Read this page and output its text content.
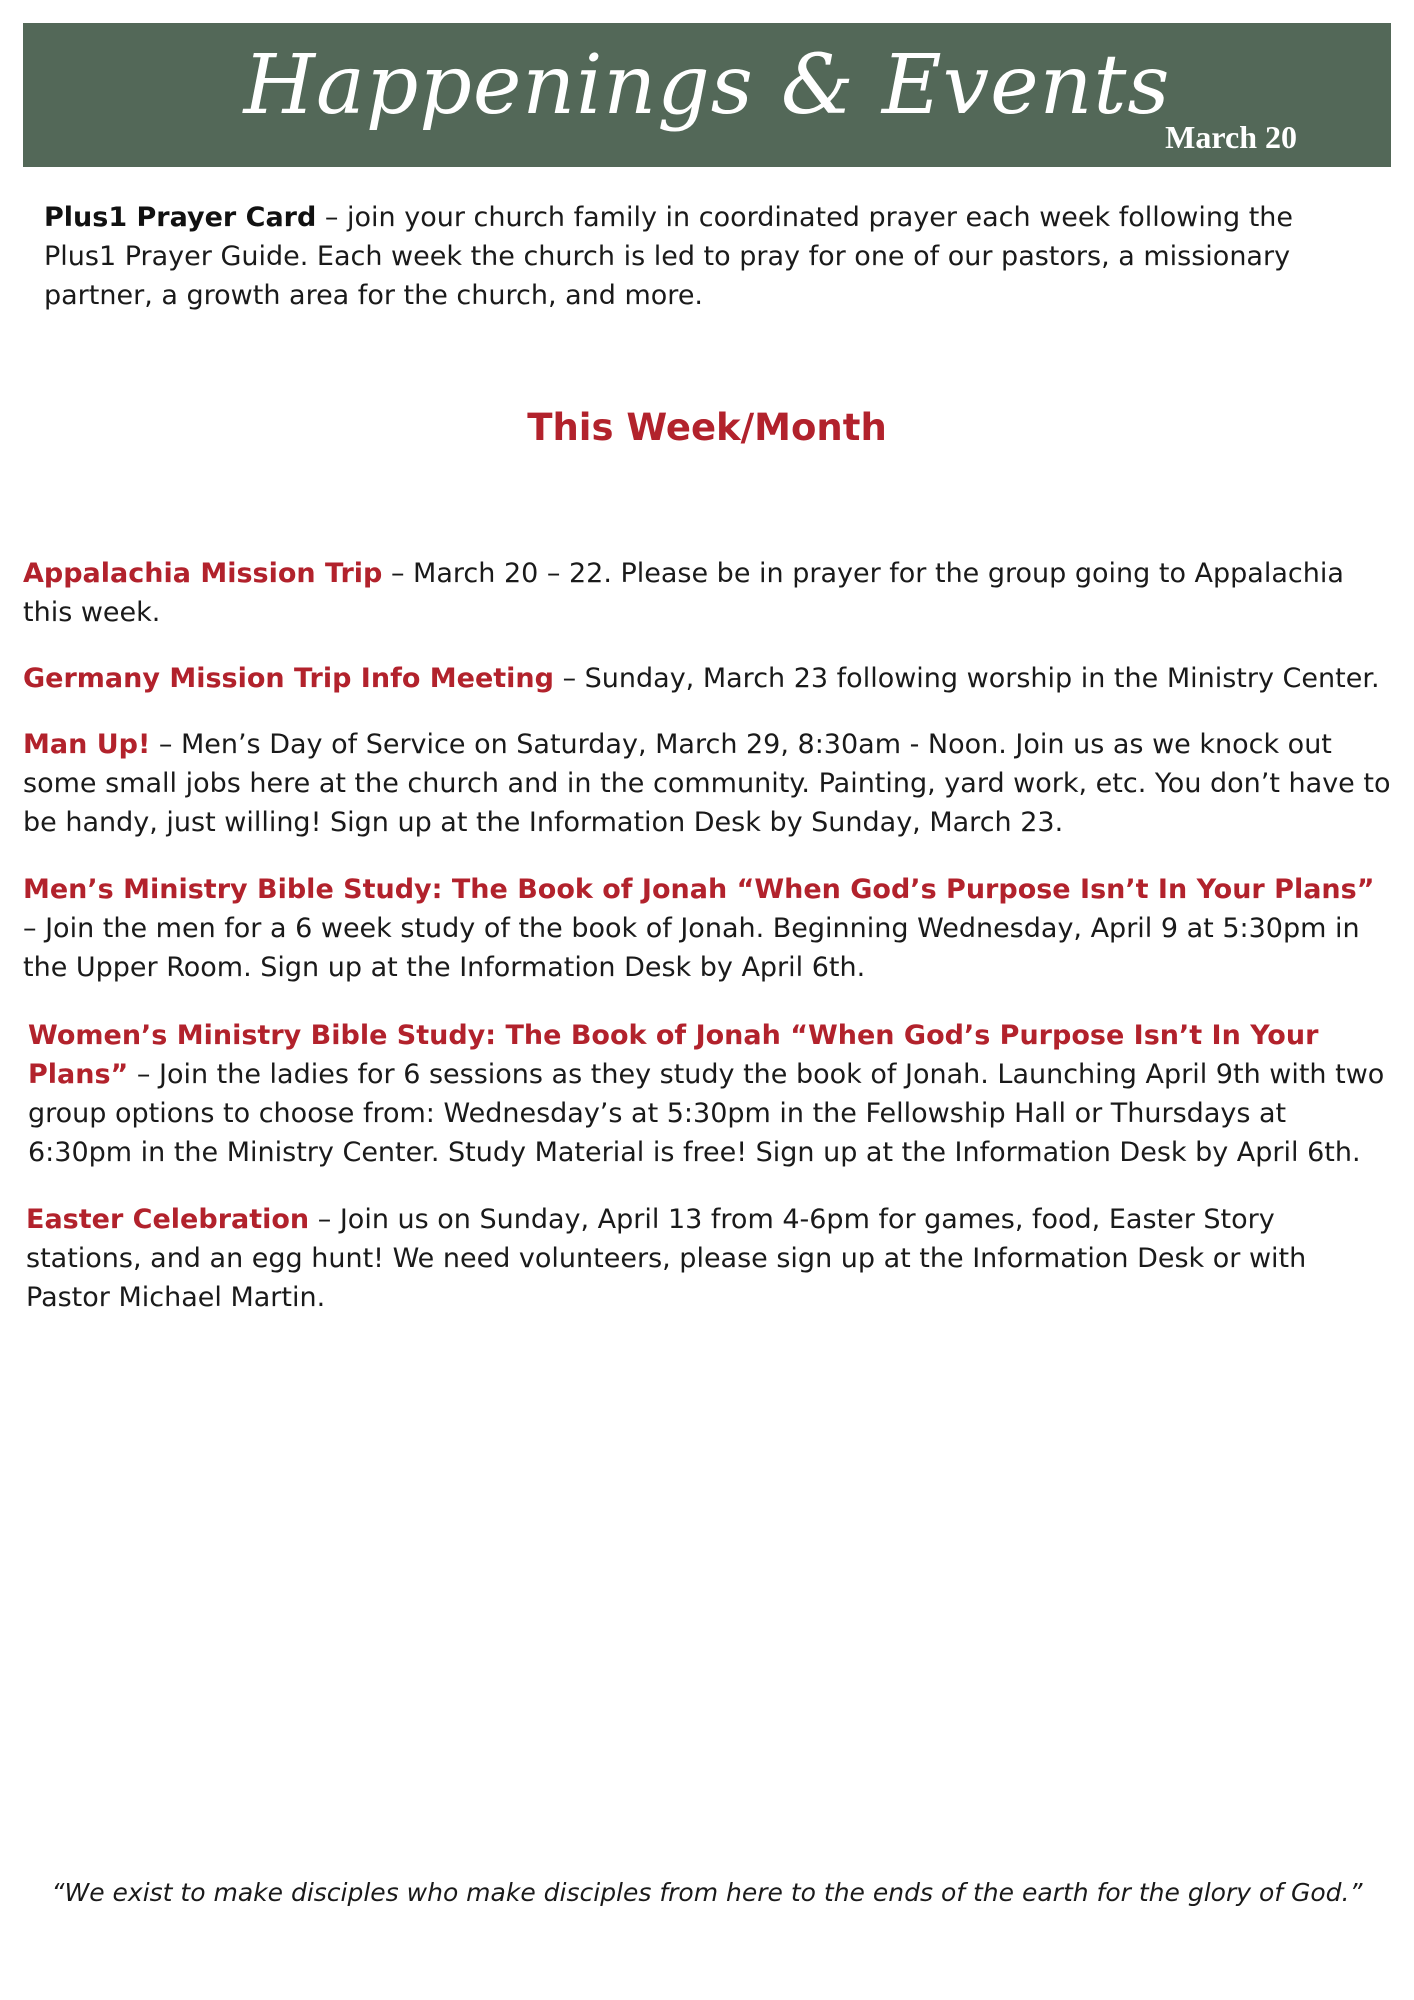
Happenings & Events
March 20
Plus1 Prayer Card – join your church family in coordinated prayer each week following the Plus1 Prayer Guide. Each week the church is led to pray for one of our pastors, a missionary partner, a growth area for the church, and more.
This Week/Month
Appalachia Mission Trip – March 20 – 22. Please be in prayer for the group going to Appalachia this week.
Germany Mission Trip Info Meeting – Sunday, March 23 following worship in the Ministry Center.
Man Up! – Men’s Day of Service on Saturday, March 29, 8:30am - Noon. Join us as we knock out some small jobs here at the church and in the community. Painting, yard work, etc. You don’t have to be handy, just willing! Sign up at the Information Desk by Sunday, March 23.
Men’s Ministry Bible Study: The Book of Jonah “When God’s Purpose Isn’t In Your Plans” – Join the men for a 6 week study of the book of Jonah. Beginning Wednesday, April 9 at 5:30pm in the Upper Room. Sign up at the Information Desk by April 6th.
Women’s Ministry Bible Study: The Book of Jonah “When God’s Purpose Isn’t In Your Plans” – Join the ladies for 6 sessions as they study the book of Jonah. Launching April 9th with two group options to choose from: Wednesday’s at 5:30pm in the Fellowship Hall or Thursdays at 6:30pm in the Ministry Center. Study Material is free! Sign up at the Information Desk by April 6th.
Easter Celebration – Join us on Sunday, April 13 from 4-6pm for games, food, Easter Story stations, and an egg hunt! We need volunteers, please sign up at the Information Desk or with Pastor Michael Martin.
“We exist to make disciples who make disciples from here to the ends of the earth for the glory of God.”
